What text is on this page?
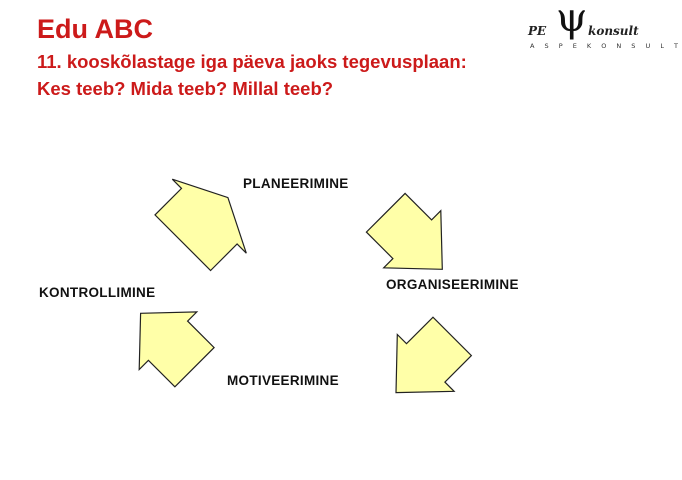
Edu ABC
11. kooskõlastage iga päeva jaoks tegevusplaan:
Kes teeb? Mida teeb? Millal teeb?
PE ψ konsult
A S P E K O N S U L T
PLANEERIMINE
ORGANISEERIMINE
MOTIVEERIMINE
KONTROLLIMINE
